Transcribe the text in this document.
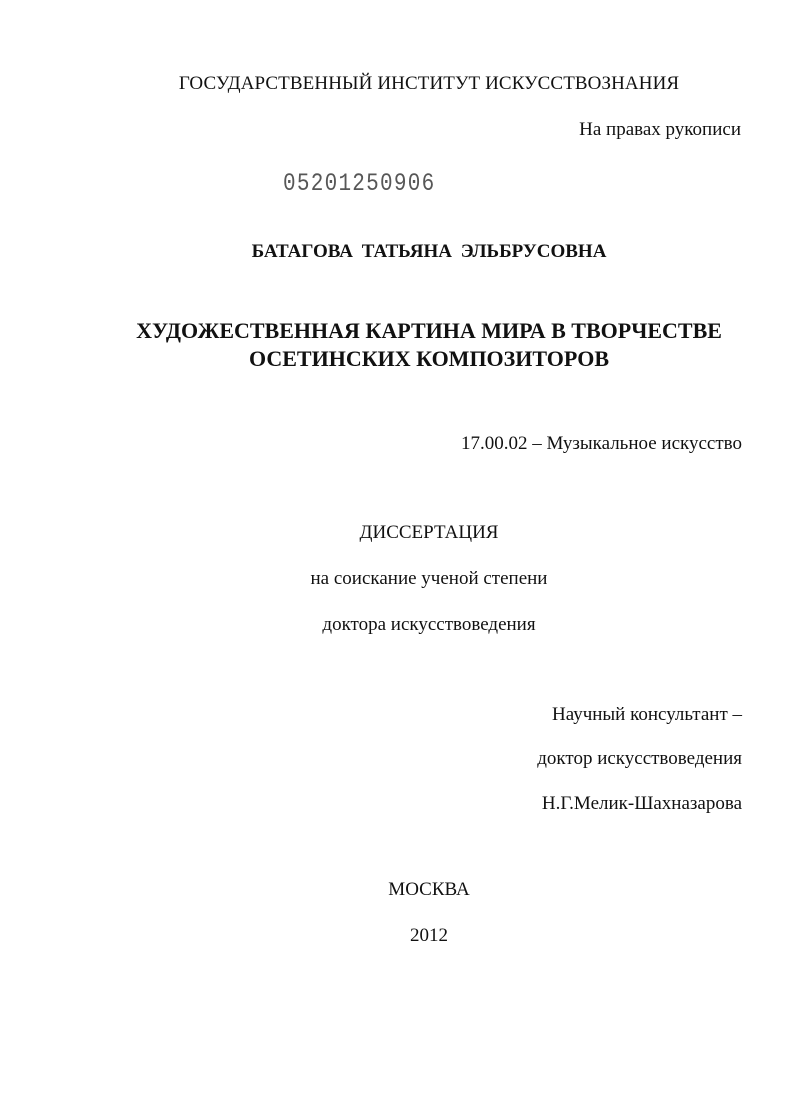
ГОСУДАРСТВЕННЫЙ ИНСТИТУТ ИСКУССТВОЗНАНИЯ
На правах рукописи
05201250906
БАТАГОВА ТАТЬЯНА ЭЛЬБРУСОВНА
ХУДОЖЕСТВЕННАЯ КАРТИНА МИРА В ТВОРЧЕСТВЕ
ОСЕТИНСКИХ КОМПОЗИТОРОВ
17.00.02 – Музыкальное искусство
ДИССЕРТАЦИЯ
на соискание ученой степени
доктора искусствоведения
Научный консультант –
доктор искусствоведения
Н.Г.Мелик-Шахназарова
МОСКВА
2012
